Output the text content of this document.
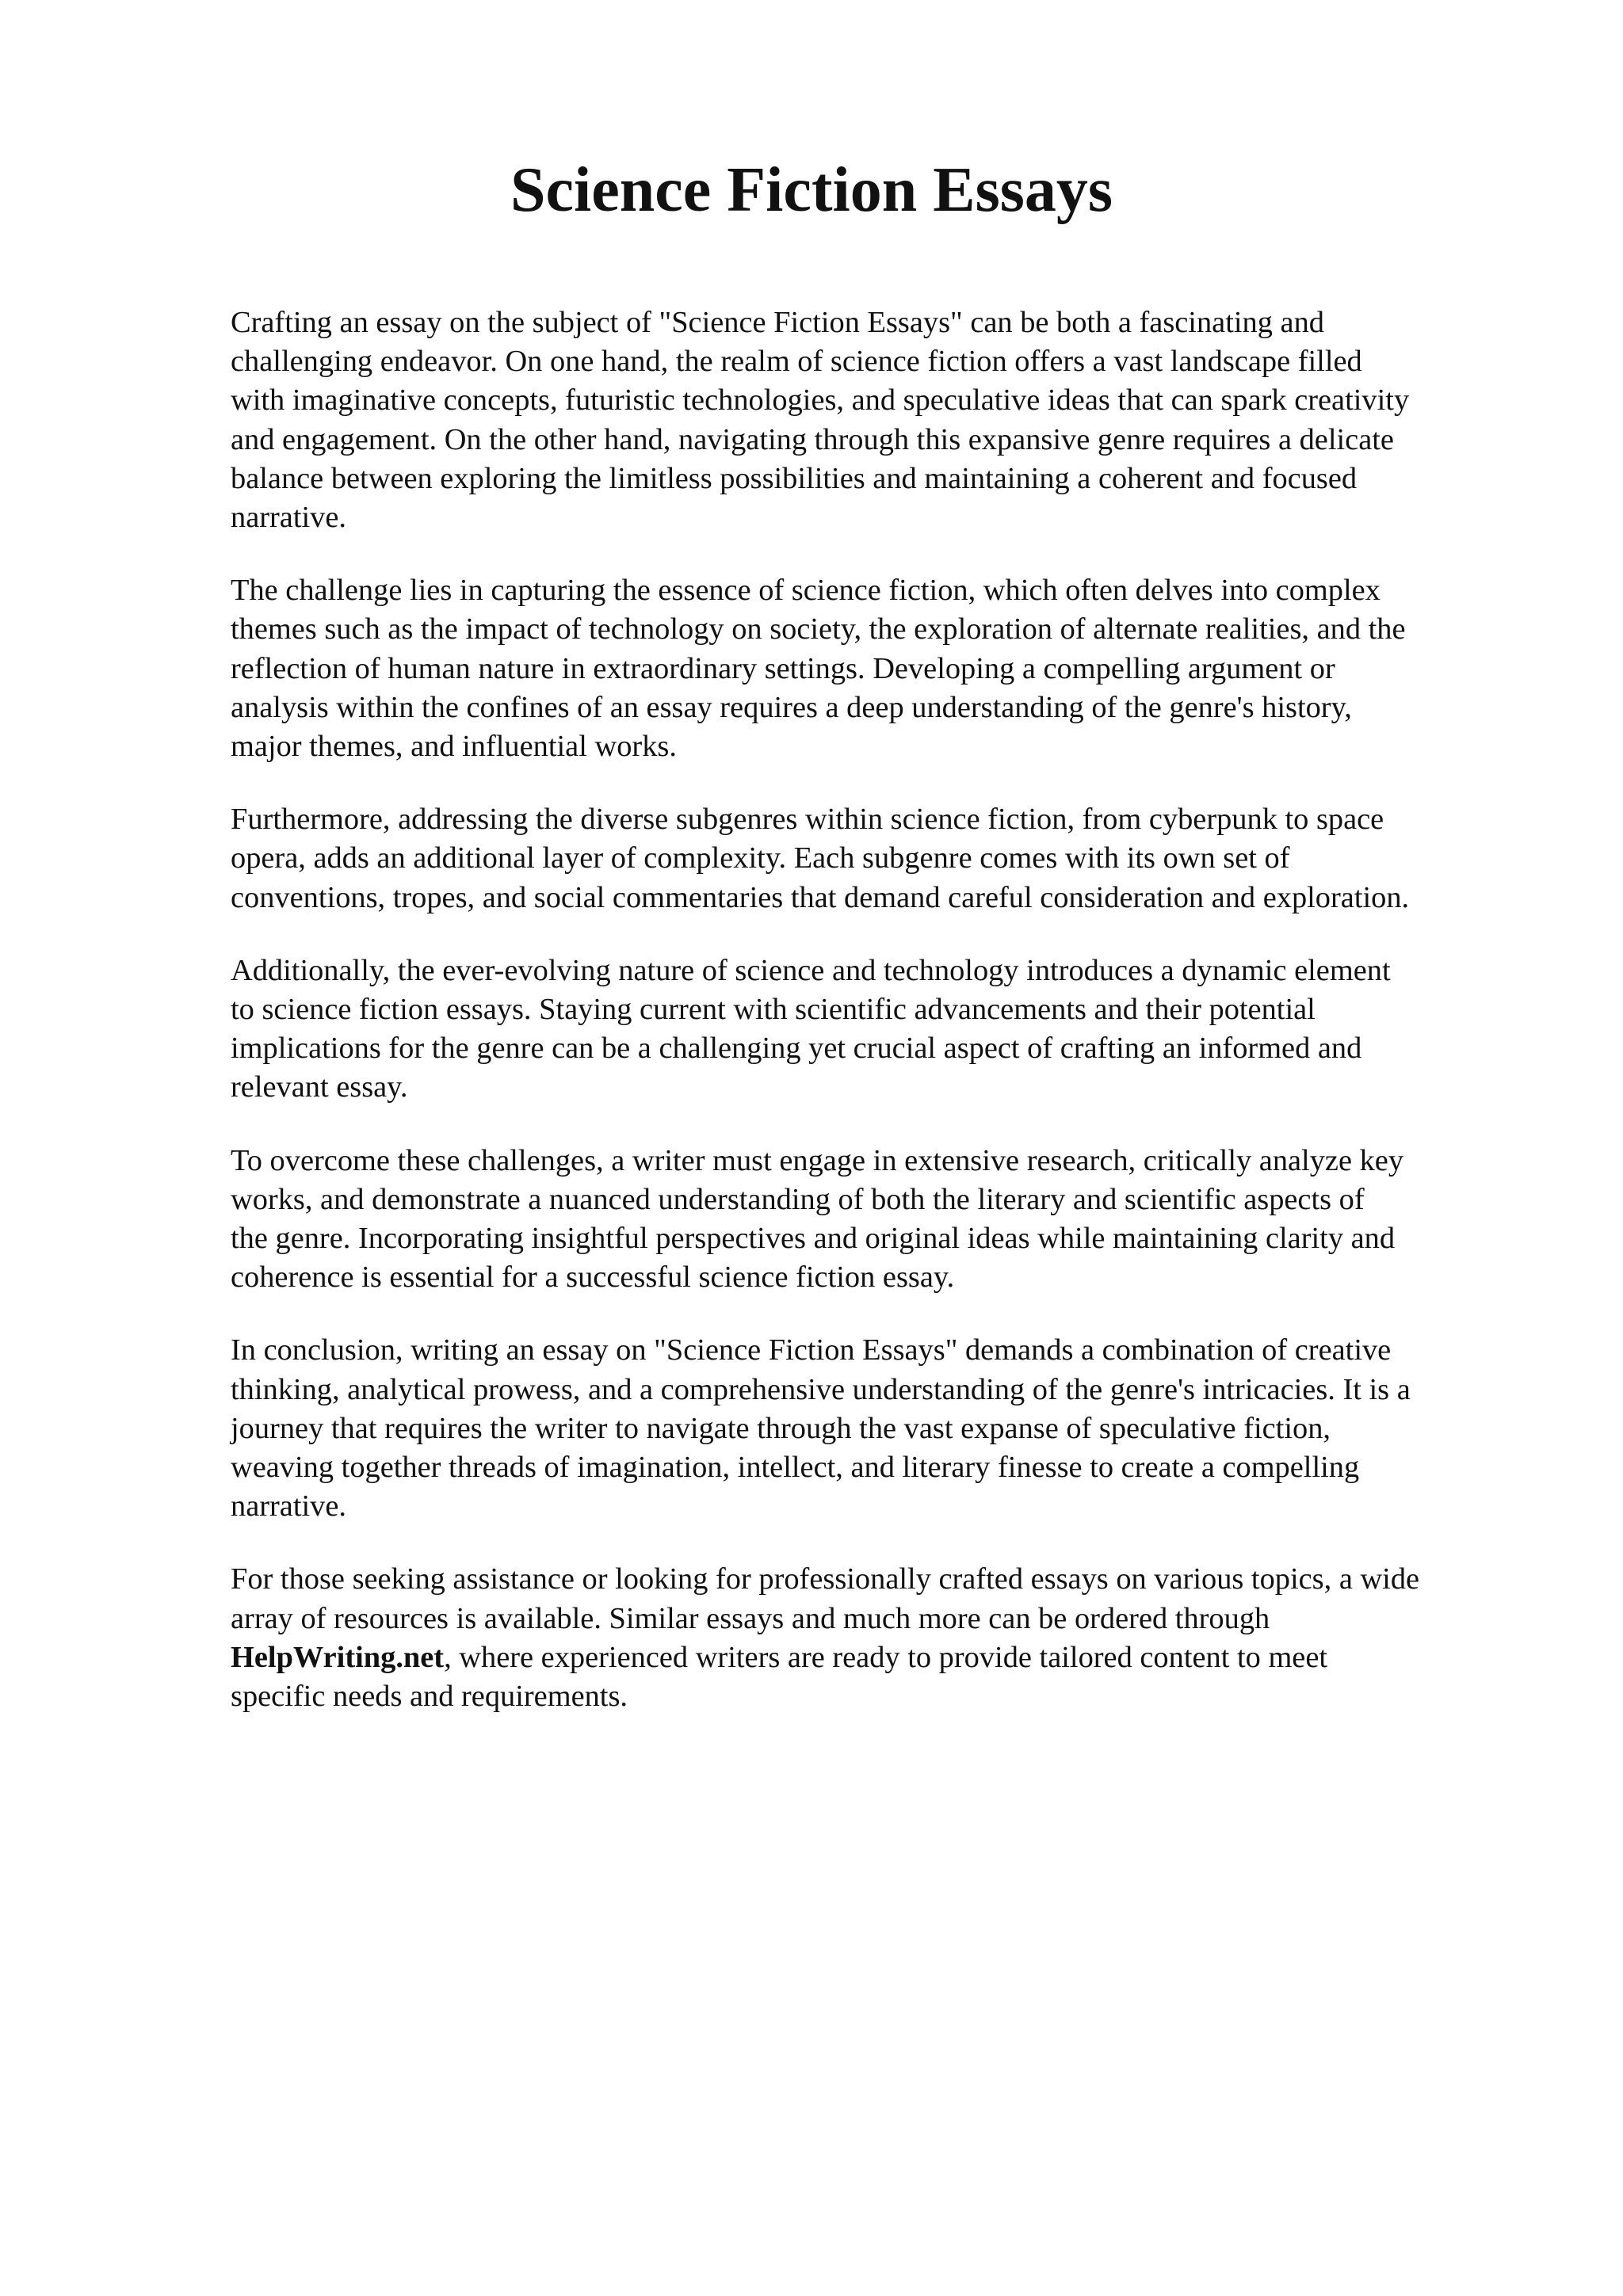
Science Fiction Essays

Crafting an essay on the subject of "Science Fiction Essays" can be both a fascinating and
challenging endeavor. On one hand, the realm of science fiction offers a vast landscape filled
with imaginative concepts, futuristic technologies, and speculative ideas that can spark creativity
and engagement. On the other hand, navigating through this expansive genre requires a delicate
balance between exploring the limitless possibilities and maintaining a coherent and focused
narrative.

The challenge lies in capturing the essence of science fiction, which often delves into complex
themes such as the impact of technology on society, the exploration of alternate realities, and the
reflection of human nature in extraordinary settings. Developing a compelling argument or
analysis within the confines of an essay requires a deep understanding of the genre's history,
major themes, and influential works.

Furthermore, addressing the diverse subgenres within science fiction, from cyberpunk to space
opera, adds an additional layer of complexity. Each subgenre comes with its own set of
conventions, tropes, and social commentaries that demand careful consideration and exploration.

Additionally, the ever-evolving nature of science and technology introduces a dynamic element
to science fiction essays. Staying current with scientific advancements and their potential
implications for the genre can be a challenging yet crucial aspect of crafting an informed and
relevant essay.

To overcome these challenges, a writer must engage in extensive research, critically analyze key
works, and demonstrate a nuanced understanding of both the literary and scientific aspects of
the genre. Incorporating insightful perspectives and original ideas while maintaining clarity and
coherence is essential for a successful science fiction essay.

In conclusion, writing an essay on "Science Fiction Essays" demands a combination of creative
thinking, analytical prowess, and a comprehensive understanding of the genre's intricacies. It is a
journey that requires the writer to navigate through the vast expanse of speculative fiction,
weaving together threads of imagination, intellect, and literary finesse to create a compelling
narrative.

For those seeking assistance or looking for professionally crafted essays on various topics, a wide
array of resources is available. Similar essays and much more can be ordered through
HelpWriting.net, where experienced writers are ready to provide tailored content to meet
specific needs and requirements.
